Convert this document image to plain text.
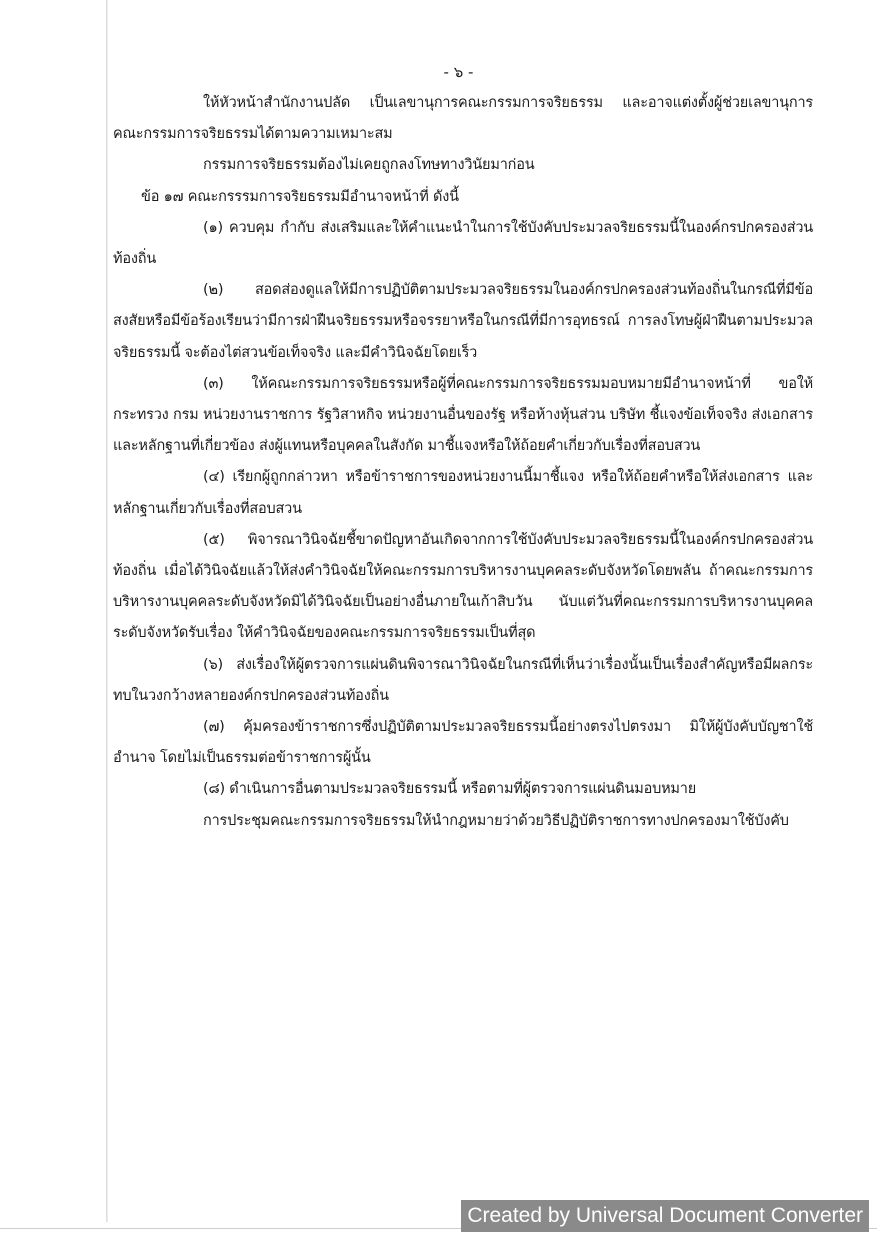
- ๖ -

ให้หัวหน้าสำนักงานปลัด เป็นเลขานุการคณะกรรมการจริยธรรม และอาจแต่งตั้งผู้ช่วยเลขานุการคณะกรรมการจริยธรรมได้ตามความเหมาะสม

กรรมการจริยธรรมต้องไม่เคยถูกลงโทษทางวินัยมาก่อน

ข้อ ๑๗ คณะกรรรมการจริยธรรมมีอำนาจหน้าที่ ดังนี้

(๑) ควบคุม กำกับ ส่งเสริมและให้คำแนะนำในการใช้บังคับประมวลจริยธรรมนี้ในองค์กรปกครองส่วนท้องถิ่น

(๒) สอดส่องดูแลให้มีการปฏิบัติตามประมวลจริยธรรมในองค์กรปกครองส่วนท้องถิ่นในกรณีที่มีข้อสงสัยหรือมีข้อร้องเรียนว่ามีการฝ่าฝืนจริยธรรมหรือจรรยาหรือในกรณีที่มีการอุทธรณ์ การลงโทษผู้ฝ่าฝืนตามประมวลจริยธรรมนี้ จะต้องไต่สวนข้อเท็จจริง และมีคำวินิจฉัยโดยเร็ว

(๓) ให้คณะกรรมการจริยธรรมหรือผู้ที่คณะกรรมการจริยธรรมมอบหมายมีอำนาจหน้าที่ ขอให้กระทรวง กรม หน่วยงานราชการ รัฐวิสาหกิจ หน่วยงานอื่นของรัฐ หรือห้างหุ้นส่วน บริษัท ชี้แจงข้อเท็จจริง ส่งเอกสารและหลักฐานที่เกี่ยวข้อง ส่งผู้แทนหรือบุคคลในสังกัด มาชี้แจงหรือให้ถ้อยคำเกี่ยวกับเรื่องที่สอบสวน

(๔) เรียกผู้ถูกกล่าวหา หรือข้าราชการของหน่วยงานนี้มาชี้แจง หรือให้ถ้อยคำหรือให้ส่งเอกสาร และหลักฐานเกี่ยวกับเรื่องที่สอบสวน

(๕) พิจารณาวินิจฉัยชี้ขาดปัญหาอันเกิดจากการใช้บังคับประมวลจริยธรรมนี้ในองค์กรปกครองส่วนท้องถิ่น เมื่อได้วินิจฉัยแล้วให้ส่งคำวินิจฉัยให้คณะกรรมการบริหารงานบุคคลระดับจังหวัดโดยพลัน ถ้าคณะกรรมการบริหารงานบุคคลระดับจังหวัดมิได้วินิจฉัยเป็นอย่างอื่นภายในเก้าสิบวัน นับแต่วันที่คณะกรรมการบริหารงานบุคคลระดับจังหวัดรับเรื่อง ให้คำวินิจฉัยของคณะกรรมการจริยธรรมเป็นที่สุด

(๖) ส่งเรื่องให้ผู้ตรวจการแผ่นดินพิจารณาวินิจฉัยในกรณีที่เห็นว่าเรื่องนั้นเป็นเรื่องสำคัญหรือมีผลกระทบในวงกว้างหลายองค์กรปกครองส่วนท้องถิ่น

(๗) คุ้มครองข้าราชการซึ่งปฏิบัติตามประมวลจริยธรรมนี้อย่างตรงไปตรงมา มิให้ผู้บังคับบัญชาใช้อำนาจ โดยไม่เป็นธรรมต่อข้าราชการผู้นั้น

(๘) ดำเนินการอื่นตามประมวลจริยธรรมนี้ หรือตามที่ผู้ตรวจการแผ่นดินมอบหมาย

การประชุมคณะกรรมการจริยธรรมให้นำกฎหมายว่าด้วยวิธีปฏิบัติราชการทางปกครองมาใช้บังคับ

Created by Universal Document Converter
